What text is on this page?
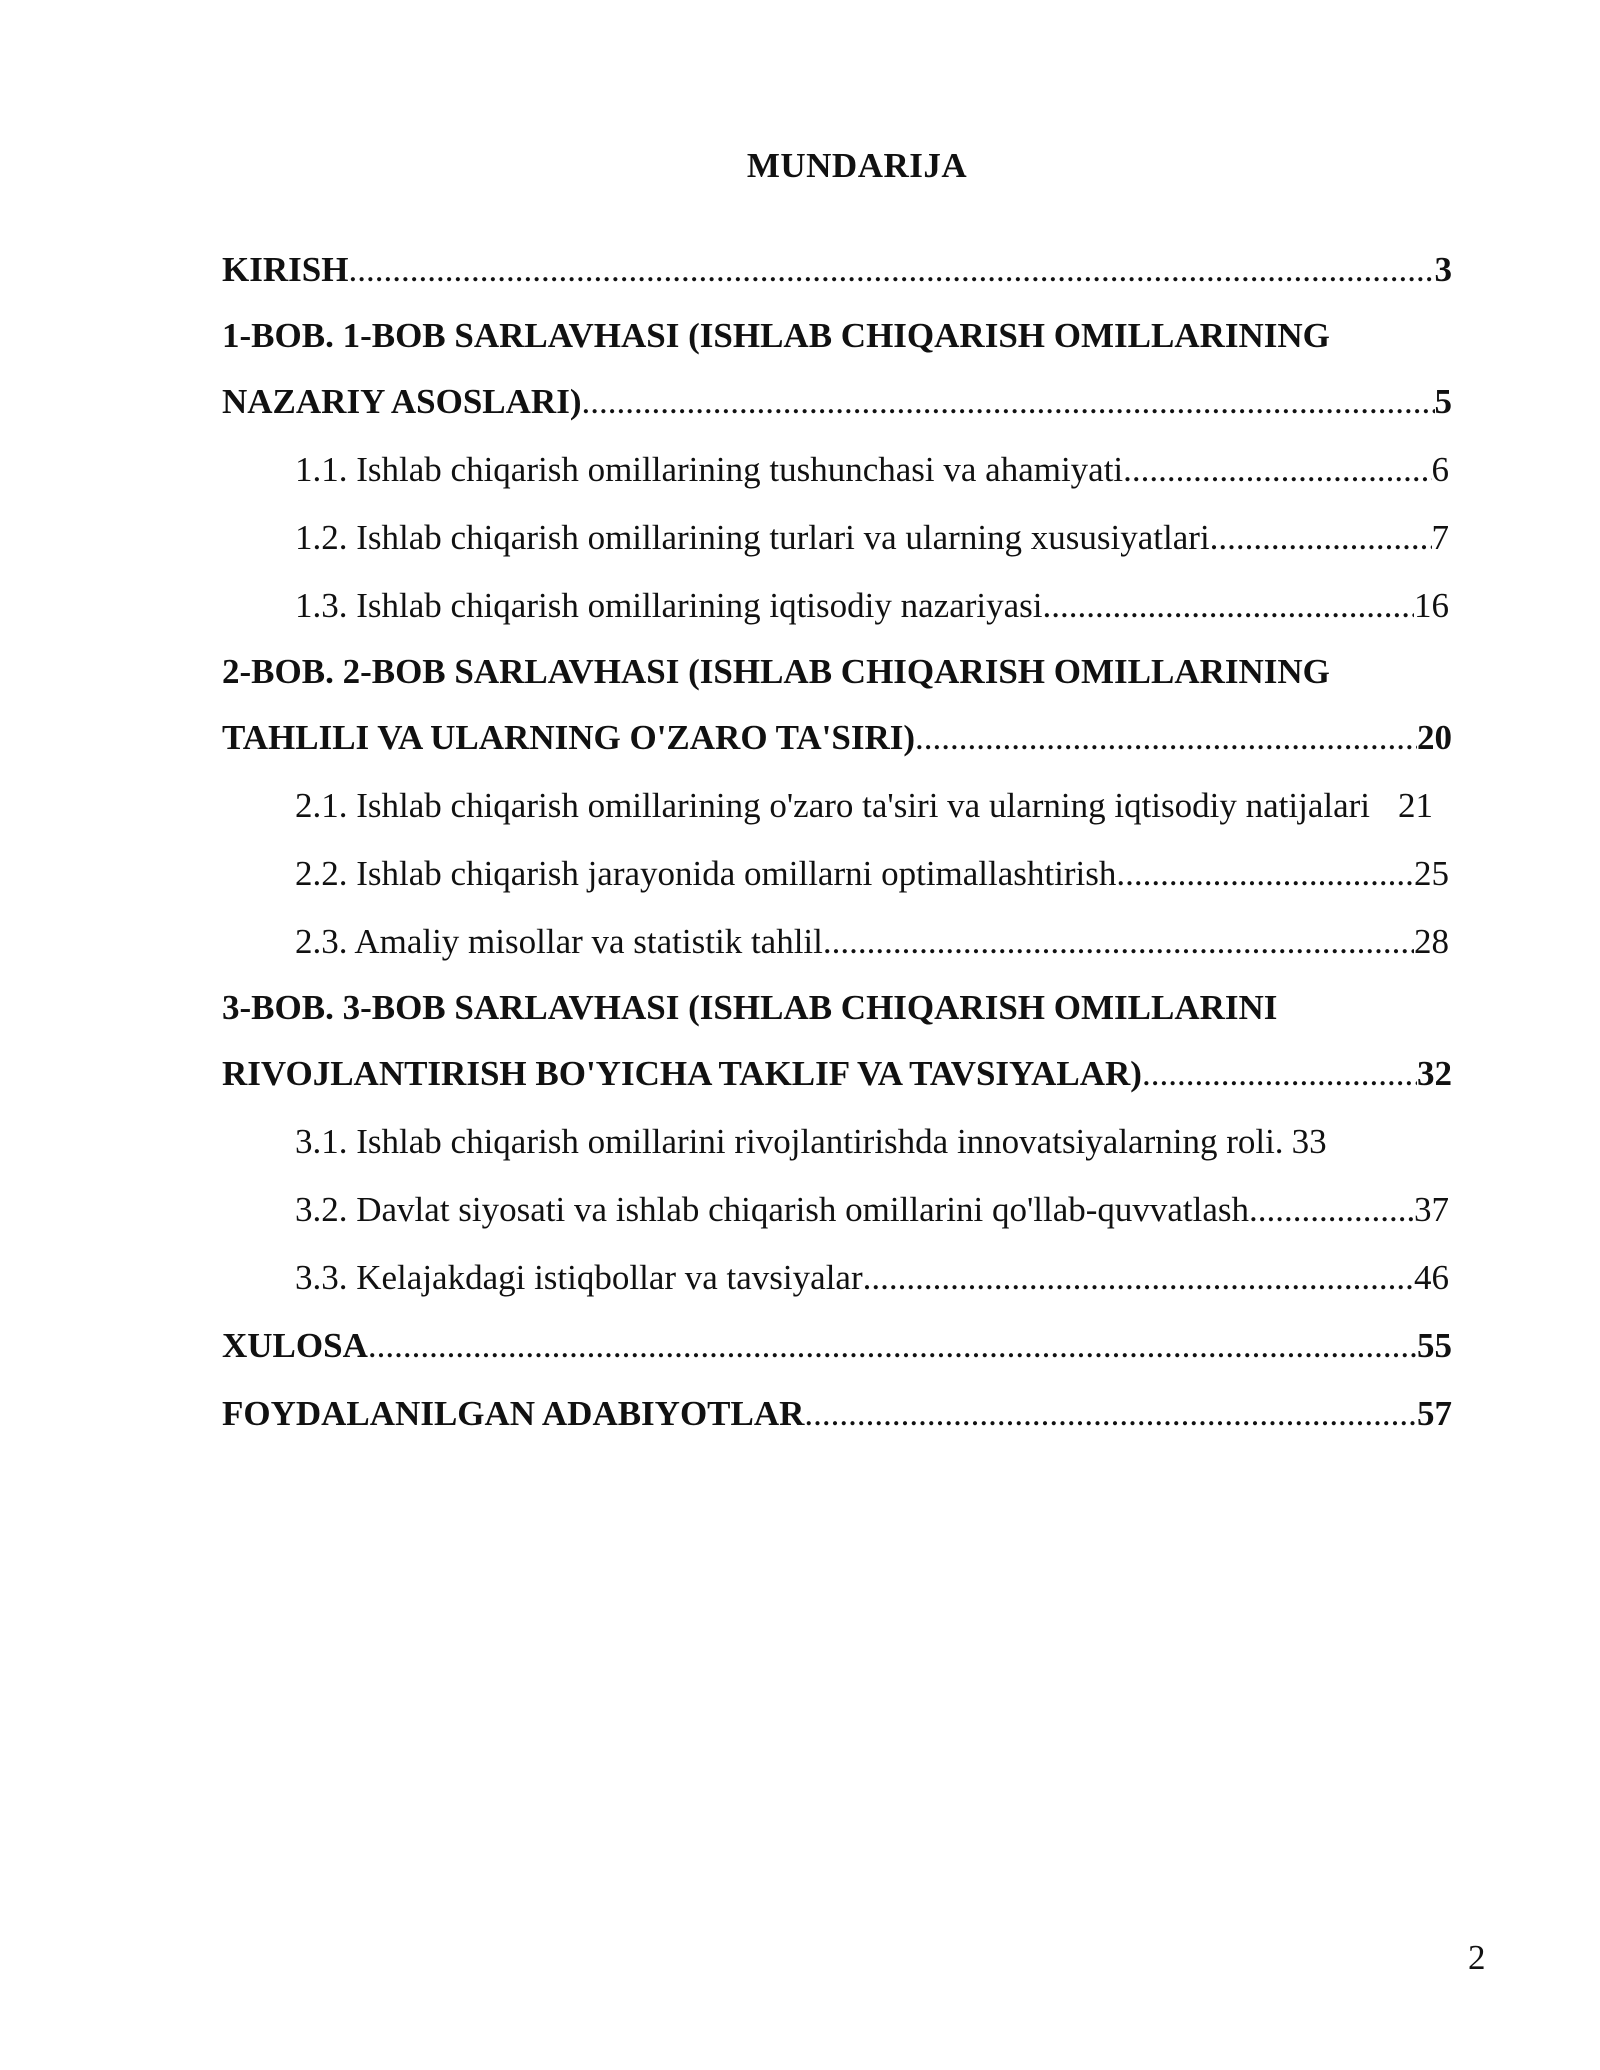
MUNDARIJA
KIRISH .....	3
1-BOB. 1-BOB SARLAVHASI (ISHLAB CHIQARISH OMILLARINING
NAZARIY ASOSLARI) .....	5
1.1. Ishlab chiqarish omillarining tushunchasi va ahamiyati .....	6
1.2. Ishlab chiqarish omillarining turlari va ularning xususiyatlari .....	7
1.3. Ishlab chiqarish omillarining iqtisodiy nazariyasi .....	16
2-BOB. 2-BOB SARLAVHASI (ISHLAB CHIQARISH OMILLARINING
TAHLILI VA ULARNING O'ZARO TA'SIRI) .....	20
2.1. Ishlab chiqarish omillarining o'zaro ta'siri va ularning iqtisodiy natijalari 21
2.2. Ishlab chiqarish jarayonida omillarni optimallashtirish .....	25
2.3. Amaliy misollar va statistik tahlil .....	28
3-BOB. 3-BOB SARLAVHASI (ISHLAB CHIQARISH OMILLARINI
RIVOJLANTIRISH BO'YICHA TAKLIF VA TAVSIYALAR) .....	32
3.1. Ishlab chiqarish omillarini rivojlantirishda innovatsiyalarning roli. 33
3.2. Davlat siyosati va ishlab chiqarish omillarini qo'llab-quvvatlash .....	37
3.3. Kelajakdagi istiqbollar va tavsiyalar .....	46
XULOSA .....	55
FOYDALANILGAN ADABIYOTLAR .....	57
2
